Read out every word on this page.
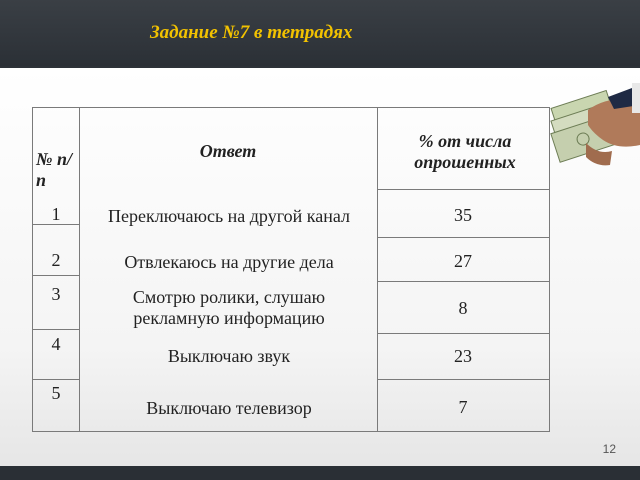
Задание №7 в тетрадях
№ п/п
Ответ	% от числа опрошенных
1
2
3
4
5
Переключаюсь на другой канал
Отвлекаюсь на другие дела
Смотрю ролики, слушаю рекламную информацию
Выключаю звук
Выключаю телевизор
35
27
8
23
7
12
